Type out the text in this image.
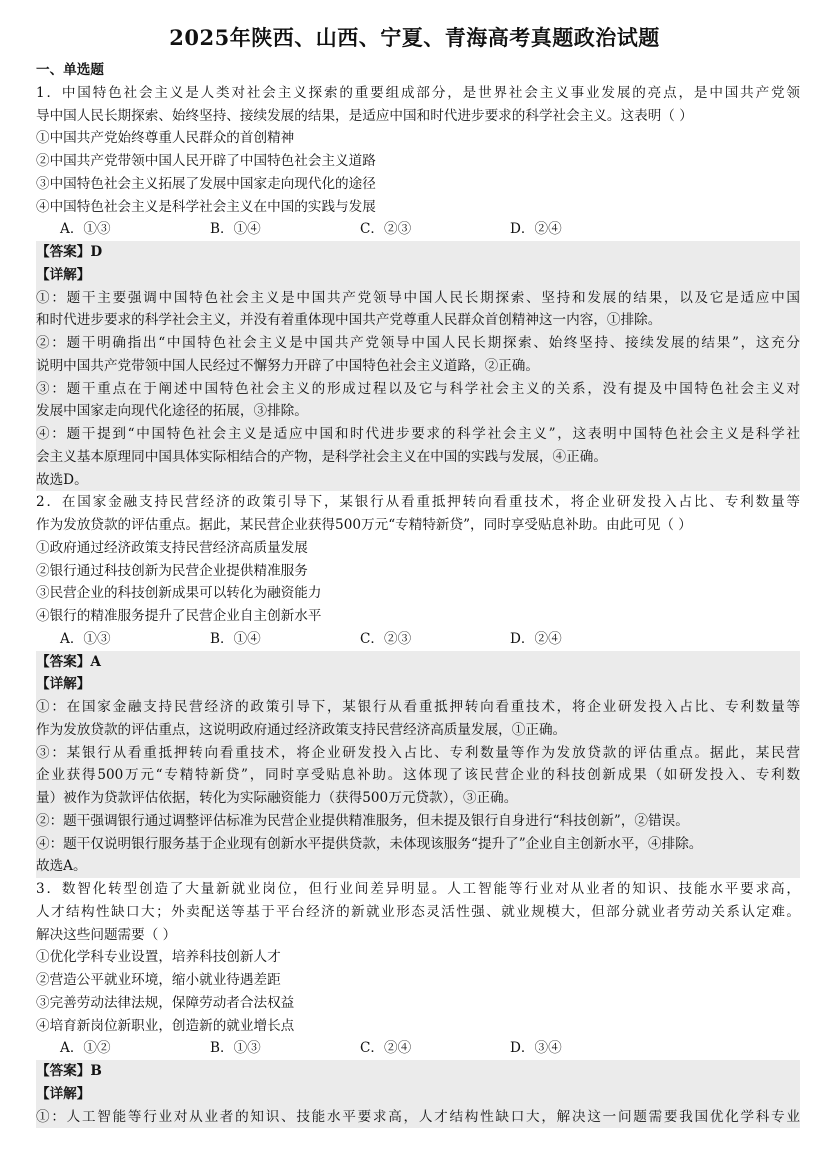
2025年陕西、山西、宁夏、青海高考真题政治试题
一、单选题
1．中国特色社会主义是人类对社会主义探索的重要组成部分，是世界社会主义事业发展的亮点，是中国共产党领
导中国人民长期探索、始终坚持、接续发展的结果，是适应中国和时代进步要求的科学社会主义。这表明（ ）
①中国共产党始终尊重人民群众的首创精神
②中国共产党带领中国人民开辟了中国特色社会主义道路
③中国特色社会主义拓展了发展中国家走向现代化的途径
④中国特色社会主义是科学社会主义在中国的实践与发展
A．①③	B．①④	C．②③	D．②④
【答案】D
【详解】
①：题干主要强调中国特色社会主义是中国共产党领导中国人民长期探索、坚持和发展的结果，以及它是适应中国
和时代进步要求的科学社会主义，并没有着重体现中国共产党尊重人民群众首创精神这一内容，①排除。
②：题干明确指出“中国特色社会主义是中国共产党领导中国人民长期探索、始终坚持、接续发展的结果”，这充分
说明中国共产党带领中国人民经过不懈努力开辟了中国特色社会主义道路，②正确。
③：题干重点在于阐述中国特色社会主义的形成过程以及它与科学社会主义的关系，没有提及中国特色社会主义对
发展中国家走向现代化途径的拓展，③排除。
④：题干提到“中国特色社会主义是适应中国和时代进步要求的科学社会主义”，这表明中国特色社会主义是科学社
会主义基本原理同中国具体实际相结合的产物，是科学社会主义在中国的实践与发展，④正确。
故选D。
2．在国家金融支持民营经济的政策引导下，某银行从看重抵押转向看重技术，将企业研发投入占比、专利数量等
作为发放贷款的评估重点。据此，某民营企业获得500万元“专精特新贷”，同时享受贴息补助。由此可见（ ）
①政府通过经济政策支持民营经济高质量发展
②银行通过科技创新为民营企业提供精准服务
③民营企业的科技创新成果可以转化为融资能力
④银行的精准服务提升了民营企业自主创新水平
A．①③	B．①④	C．②③	D．②④
【答案】A
【详解】
①：在国家金融支持民营经济的政策引导下，某银行从看重抵押转向看重技术，将企业研发投入占比、专利数量等
作为发放贷款的评估重点，这说明政府通过经济政策支持民营经济高质量发展，①正确。
③：某银行从看重抵押转向看重技术，将企业研发投入占比、专利数量等作为发放贷款的评估重点。据此，某民营
企业获得500万元“专精特新贷”，同时享受贴息补助。这体现了该民营企业的科技创新成果（如研发投入、专利数
量）被作为贷款评估依据，转化为实际融资能力（获得500万元贷款），③正确。
②：题干强调银行通过调整评估标准为民营企业提供精准服务，但未提及银行自身进行“科技创新”，②错误。
④：题干仅说明银行服务基于企业现有创新水平提供贷款，未体现该服务“提升了”企业自主创新水平，④排除。
故选A。
3．数智化转型创造了大量新就业岗位，但行业间差异明显。人工智能等行业对从业者的知识、技能水平要求高，
人才结构性缺口大；外卖配送等基于平台经济的新就业形态灵活性强、就业规模大，但部分就业者劳动关系认定难。
解决这些问题需要（ ）
①优化学科专业设置，培养科技创新人才
②营造公平就业环境，缩小就业待遇差距
③完善劳动法律法规，保障劳动者合法权益
④培育新岗位新职业，创造新的就业增长点
A．①②	B．①③	C．②④	D．③④
【答案】B
【详解】
①：人工智能等行业对从业者的知识、技能水平要求高，人才结构性缺口大，解决这一问题需要我国优化学科专业
